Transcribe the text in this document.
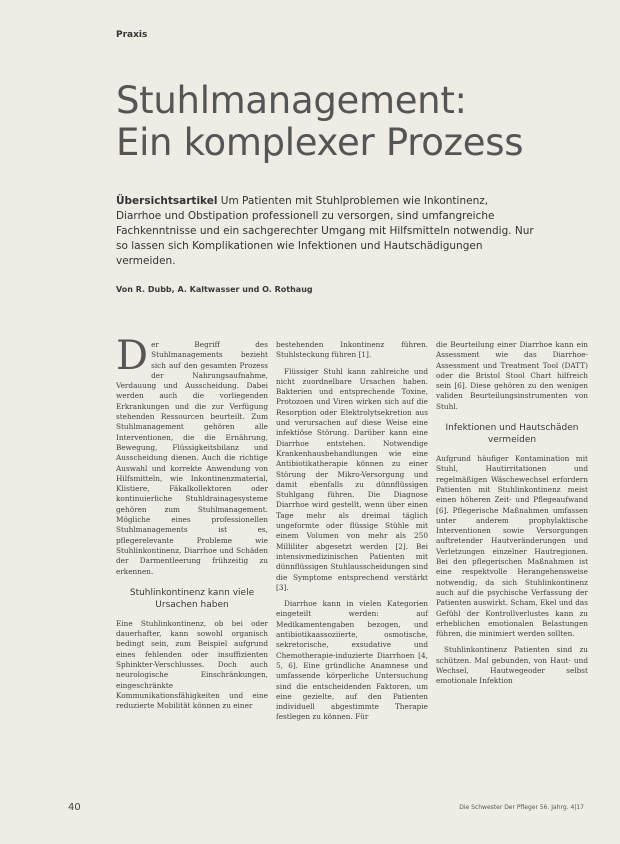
Praxis
Stuhlmanagement:
Ein komplexer Prozess
Übersichtsartikel Um Patienten mit Stuhlproblemen wie Inkontinenz, Diarrhoe und Obstipation professionell zu versorgen, sind umfangreiche Fachkenntnisse und ein sachgerechter Umgang mit Hilfsmitteln notwendig. Nur so lassen sich Komplikationen wie Infektionen und Hautschädigungen vermeiden.
Von R. Dubb, A. Kaltwasser und O. Rothaug

Der Begriff des Stuhlmanagements bezieht sich auf den gesamten Prozess der Nahrungsaufnahme, Verdauung und Ausscheidung. Dabei werden auch die vorliegenden Erkrankungen und die zur Verfügung stehenden Ressourcen beurteilt. Zum Stuhlmanagement gehören alle Interventionen, die die Ernährung, Bewegung, Flüssigkeitsbilanz und Ausscheidung dienen. Auch die richtige Auswahl und korrekte Anwendung von Hilfsmitteln, wie Inkontinenzmaterial, Klistiere, Fäkalkollektoren oder kontinuierliche Stuhldrainagesysteme gehören zum Stuhlmanagement. Mögliche eines professionellen Stuhlmanagements ist es, pflegerelevante Probleme wie Stuhlinkontinenz, Diarrhoe und Schäden der Darmentleerung frühzeitig zu erkennen.

Stuhlinkontinenz kann viele Ursachen haben

Eine Stuhlinkontinenz, ob bei oder dauerhafter, kann sowohl organisch bedingt sein, zum Beispiel aufgrund eines fehlenden oder insuffizienten Sphinkter-Verschlusses. Doch auch neurologische Einschränkungen, eingeschränkte Kommunikationsfähigkeiten und eine reduzierte Mobilität können zu einer

bestehenden Inkontinenz führen. Stuhlsteckung führen [1].

Flüssiger Stuhl kann zahlreiche und nicht zuordnelbare Ursachen haben. Bakterien und entsprechende Toxine, Protozoen und Viren wirken sich auf die Resorption oder Elektrolytsekretion aus und verursachen auf diese Weise eine infektiöse Störung. Darüber kann eine Diarrhoe entstehen. Notwendige Krankenhausbehandlungen wie eine Antibiotikatherapie können zu einer Störung der Mikro-Versorgung und damit ebenfalls zu dünnflüssigen Stuhlgang führen. Die Diagnose Diarrhoe wird gestellt, wenn über einen Tage mehr als dreimal täglich ungeformte oder flüssige Stühle mit einem Volumen von mehr als 250 Milliliter abgesetzt werden [2]. Bei intensivmedizinischen Patienten mit dünnflüssigen Stuhlausscheidungen sind die Symptome entsprechend verstärkt [3].

Diarrhoe kann in vielen Kategorien eingeteilt werden: auf Medikamentengaben bezogen, und antibiotikaassoziierte, osmotische, sekretorische, exsudative und Chemotherapie-induzierte Diarrhoen [4, 5, 6]. Eine gründliche Anamnese und umfassende körperliche Untersuchung sind die entscheidenden Faktoren, um eine gezielte, auf den Patienten individuell abgestimmte Therapie festlegen zu können. Für

die Beurteilung einer Diarrhoe kann ein Assessment wie das Diarrhoe-Assessment und Treatment Tool (DATT) oder die Bristol Stool Chart hilfreich sein [6]. Diese gehören zu den wenigen validen Beurteilungsinstrumenten von Stuhl.

Infektionen und Hautschäden vermeiden

Aufgrund häufiger Kontamination mit Stuhl, Hautirritationen und regelmäßigen Wäschewechsel erfordern Patienten mit Stuhlinkontinenz meist einen höheren Zeit- und Pflegeaufwand [6]. Pflegerische Maßnahmen umfassen unter anderem prophylaktische Interventionen sowie Versorgungen auftretender Hautveränderungen und Verletzungen einzelner Hautregionen. Bei den pflegerischen Maßnahmen ist eine respektvolle Herangehensweise notwendig, da sich Stuhlinkontinenz auch auf die psychische Verfassung der Patienten auswirkt. Scham, Ekel und das Gefühl der Kontrollverlustes kann zu erheblichen emotionalen Belastungen führen, die minimiert werden sollten.

Stuhlinkontinenz Patienten sind zu schützen. Mal gebunden, von Haut- und Wechsel, Hautwegeoder selbst emotionale Infektion

40	Die Schwester Der Pfleger 56. Jahrg. 4|17
